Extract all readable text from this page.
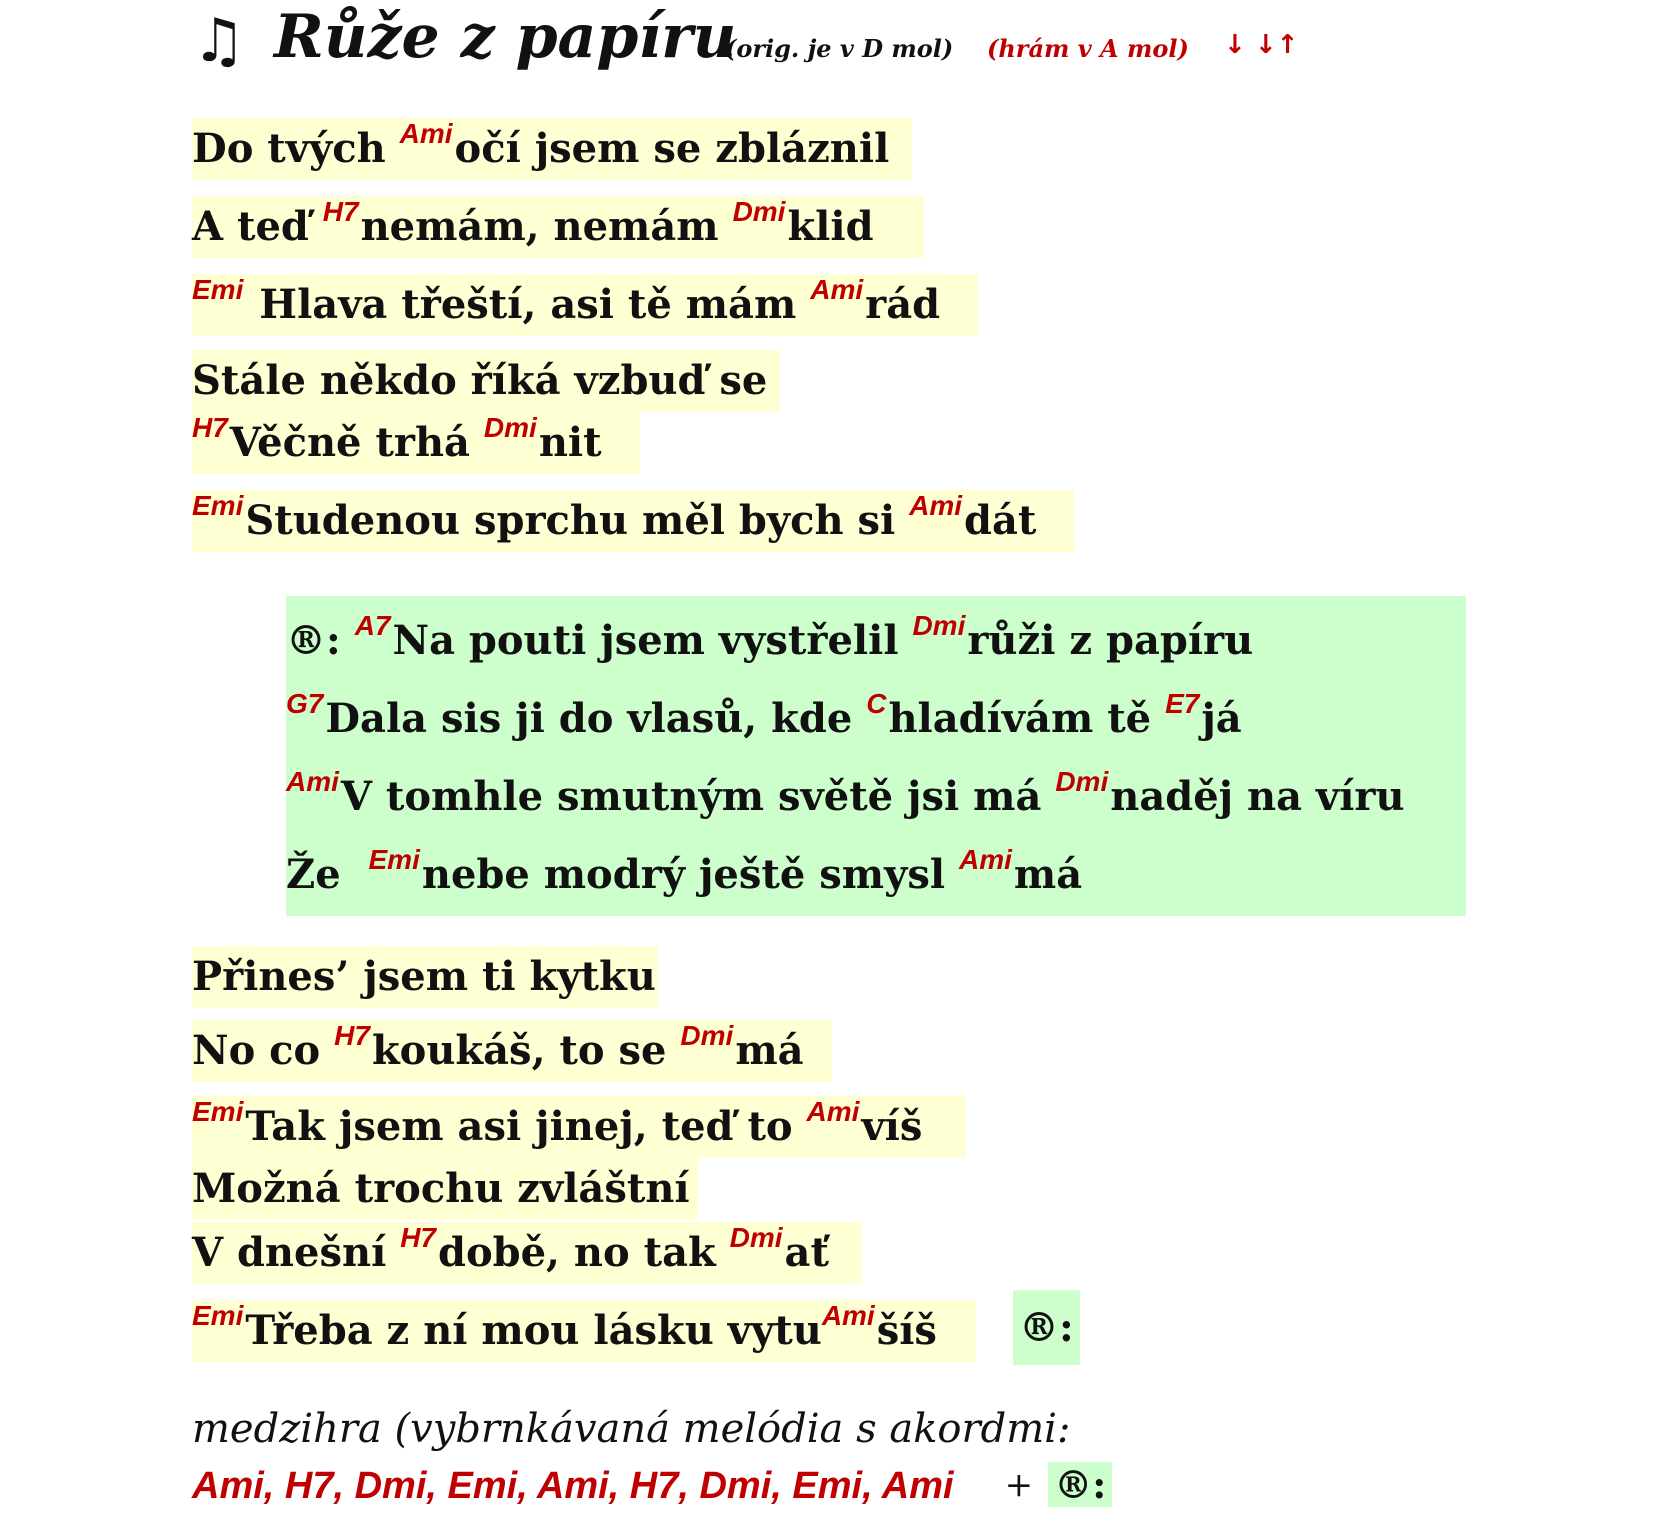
♫ Růže z papíru
(orig. je v D mol) (hrám v A mol) ↓ ↓↑
Do tvých Amiočí jsem se zbláznil
A teď H7nemám, nemám Dmiklid
Emi Hlava třeští, asi tě mám Amirád
Stále někdo říká vzbuď se
H7Věčně trhá Dminit
EmiStudenou sprchu měl bych si Amidát
®: A7Na pouti jsem vystřelil Dmirůži z papíru
G7Dala sis ji do vlasů, kde Chladívám tě E7já
AmiV tomhle smutným světě jsi má Dminaděj na víru
Že  Eminebe modrý ještě smysl Amimá
Přines’ jsem ti kytku
No co H7koukáš, to se Dmimá
EmiTak jsem asi jinej, teď to Amivíš
Možná trochu zvláštní
V dnešní H7době, no tak Dmiať
EmiTřeba z ní mou lásku vytuAmišíš ®:
medzihra (vybrnkávaná melódia s akordmi:
Ami, H7, Dmi, Emi, Ami, H7, Dmi, Emi, Ami + ®:
